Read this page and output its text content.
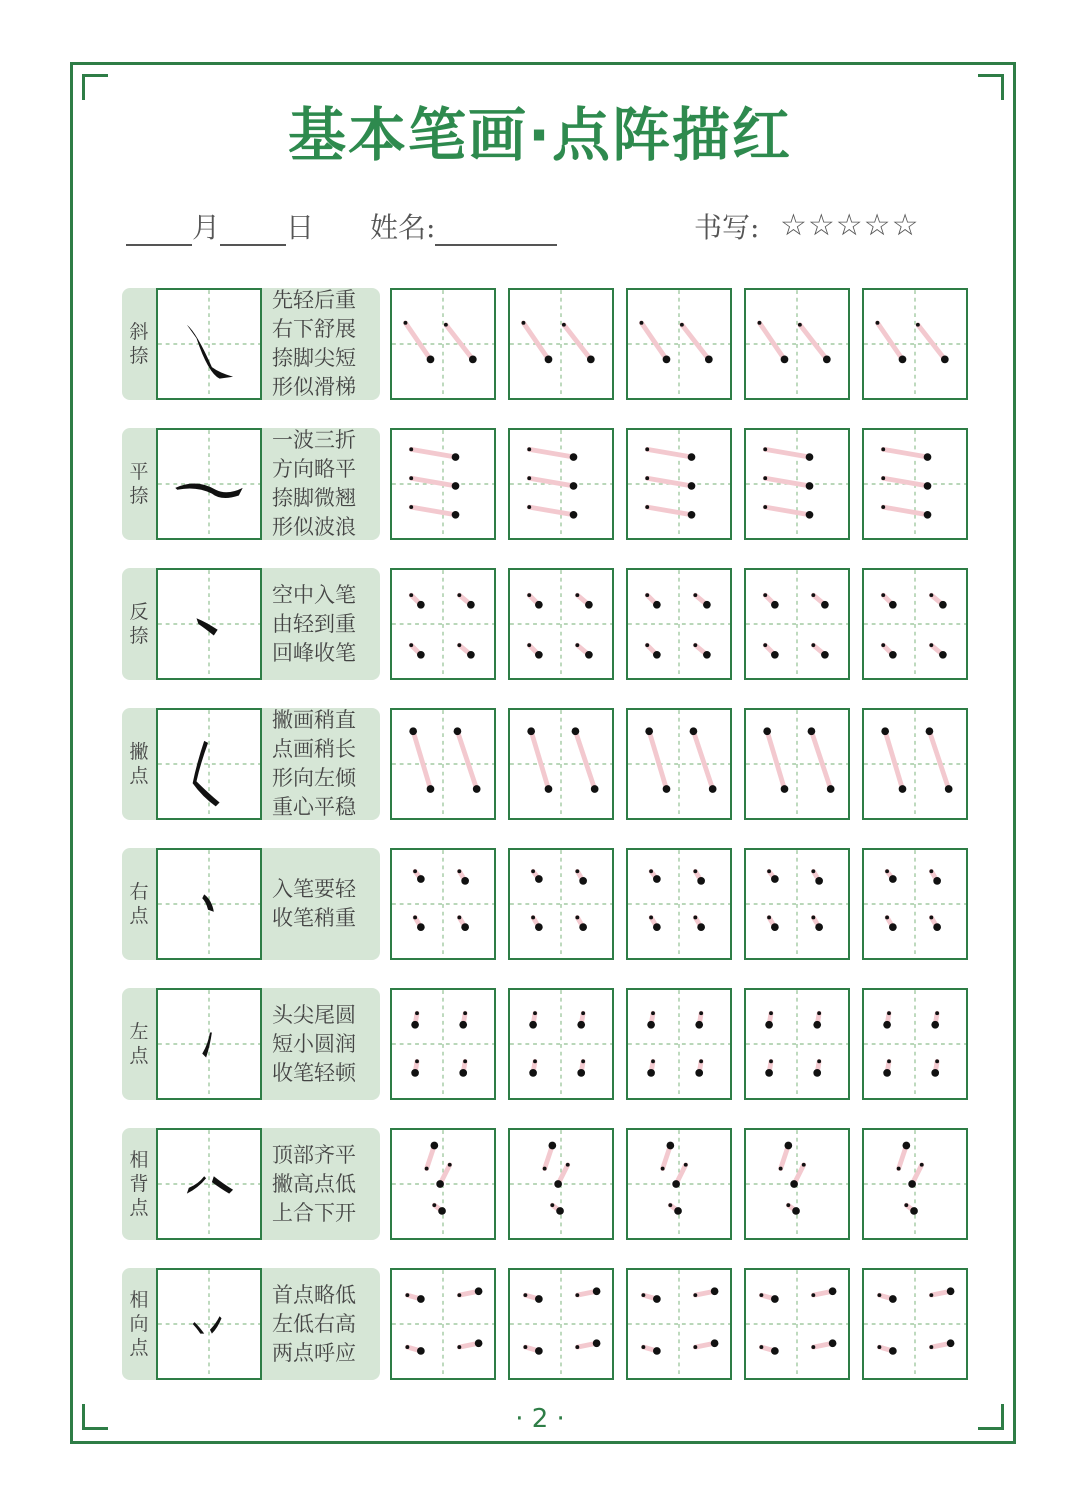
基本笔画·点阵描红
月 日 姓名:	书写: ☆☆☆☆☆
斜
捺
先轻后重
右下舒展
捺脚尖短
形似滑梯
平
捺
一波三折
方向略平
捺脚微翘
形似波浪
反
捺
空中入笔
由轻到重
回峰收笔
撇
点
撇画稍直
点画稍长
形向左倾
重心平稳
右
点
入笔要轻
收笔稍重
左
点
头尖尾圆
短小圆润
收笔轻顿
相
背
点
顶部齐平
撇高点低
上合下开
相
向
点
首点略低
左低右高
两点呼应
· 2 ·
